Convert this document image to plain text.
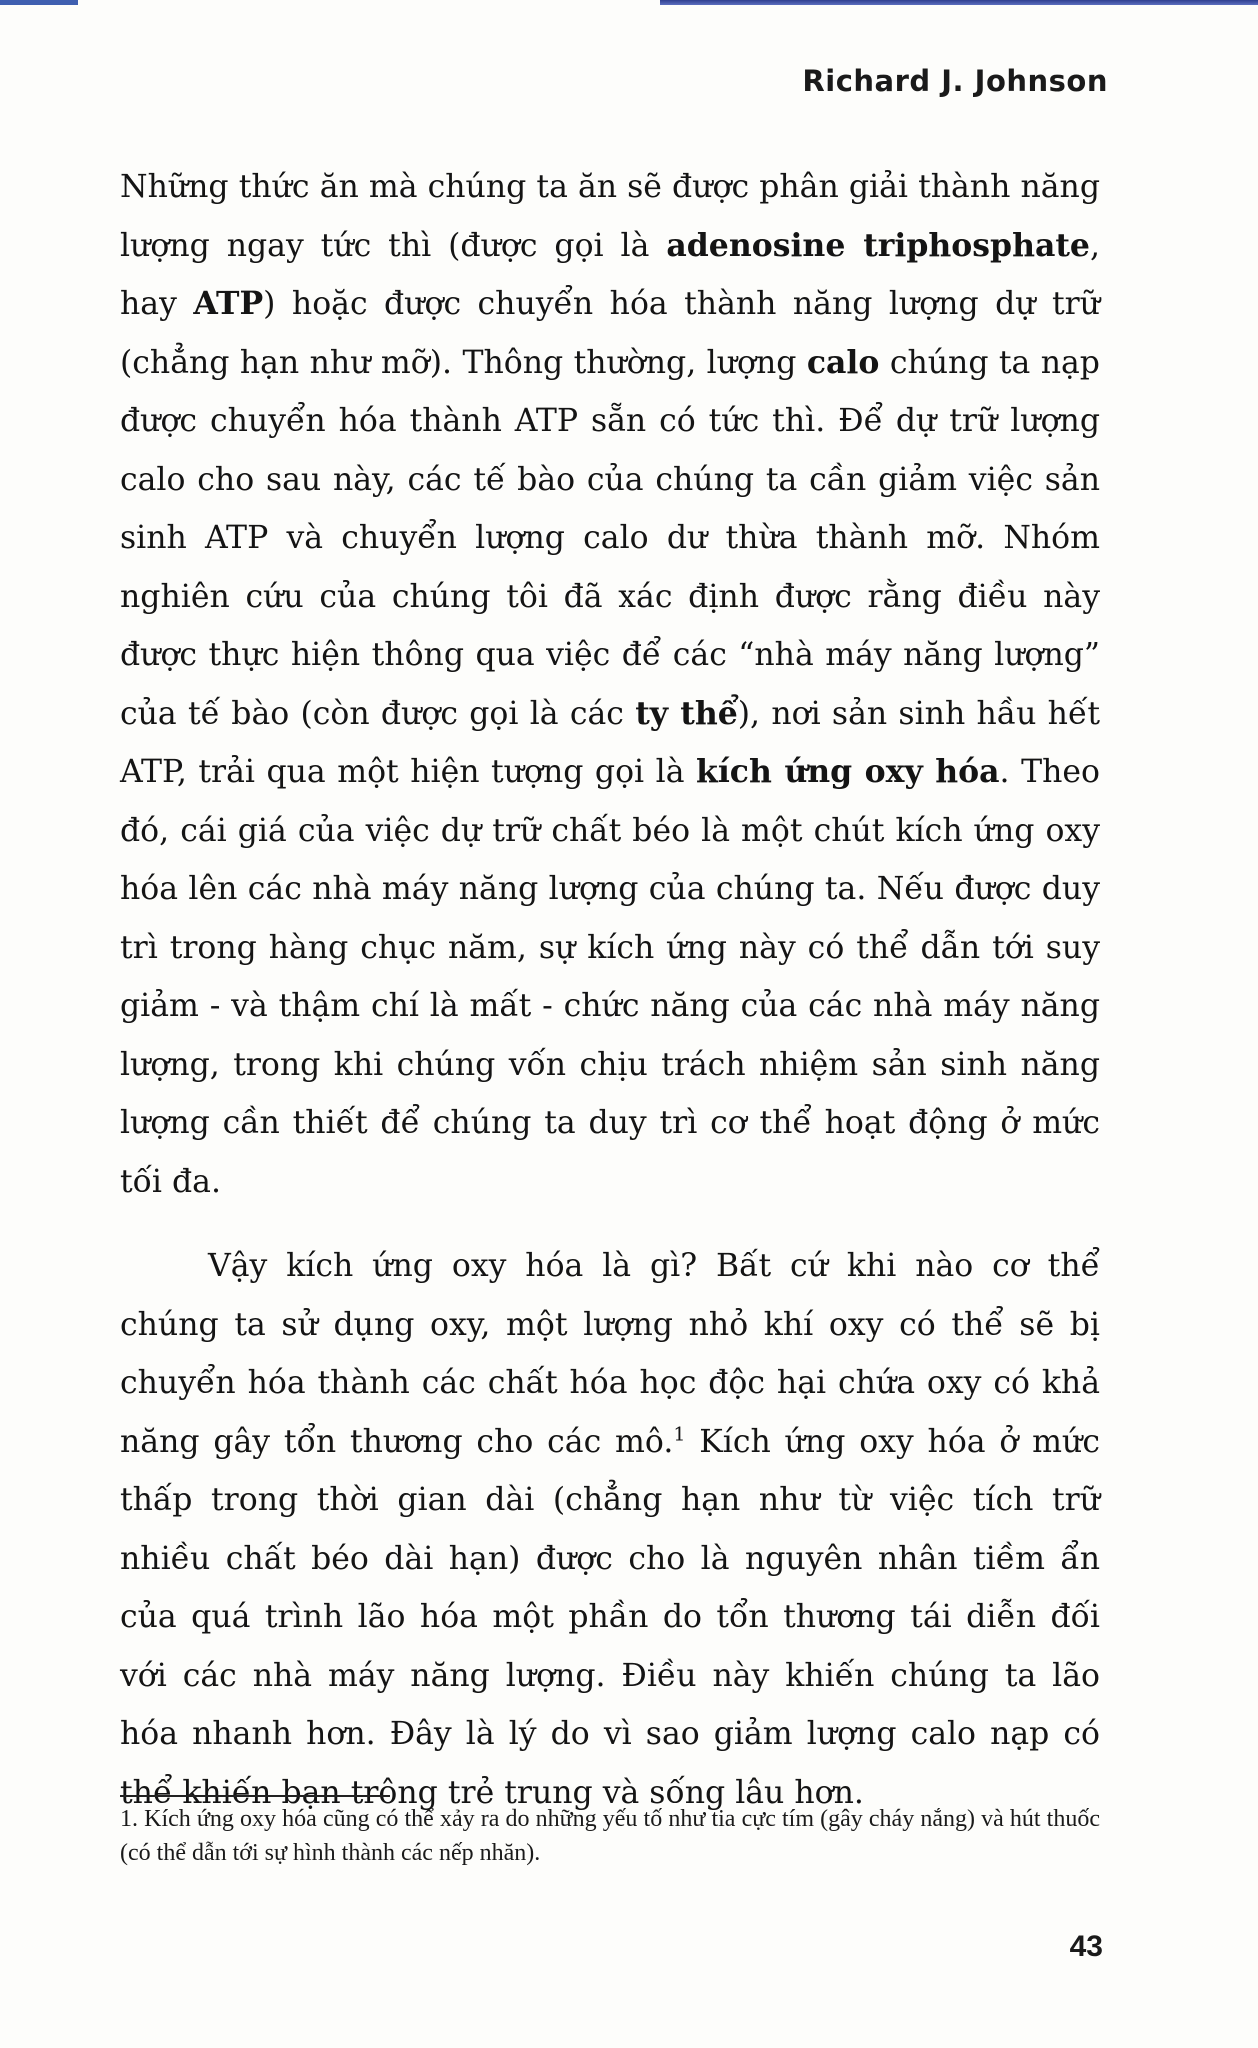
Richard J. Johnson

Những thức ăn mà chúng ta ăn sẽ được phân giải thành năng lượng ngay tức thì (được gọi là adenosine triphosphate, hay ATP) hoặc được chuyển hóa thành năng lượng dự trữ (chẳng hạn như mỡ). Thông thường, lượng calo chúng ta nạp được chuyển hóa thành ATP sẵn có tức thì. Để dự trữ lượng calo cho sau này, các tế bào của chúng ta cần giảm việc sản sinh ATP và chuyển lượng calo dư thừa thành mỡ. Nhóm nghiên cứu của chúng tôi đã xác định được rằng điều này được thực hiện thông qua việc để các “nhà máy năng lượng” của tế bào (còn được gọi là các ty thể), nơi sản sinh hầu hết ATP, trải qua một hiện tượng gọi là kích ứng oxy hóa. Theo đó, cái giá của việc dự trữ chất béo là một chút kích ứng oxy hóa lên các nhà máy năng lượng của chúng ta. Nếu được duy trì trong hàng chục năm, sự kích ứng này có thể dẫn tới suy giảm - và thậm chí là mất - chức năng của các nhà máy năng lượng, trong khi chúng vốn chịu trách nhiệm sản sinh năng lượng cần thiết để chúng ta duy trì cơ thể hoạt động ở mức tối đa.

Vậy kích ứng oxy hóa là gì? Bất cứ khi nào cơ thể chúng ta sử dụng oxy, một lượng nhỏ khí oxy có thể sẽ bị chuyển hóa thành các chất hóa học độc hại chứa oxy có khả năng gây tổn thương cho các mô.$^1$ Kích ứng oxy hóa ở mức thấp trong thời gian dài (chẳng hạn như từ việc tích trữ nhiều chất béo dài hạn) được cho là nguyên nhân tiềm ẩn của quá trình lão hóa một phần do tổn thương tái diễn đối với các nhà máy năng lượng. Điều này khiến chúng ta lão hóa nhanh hơn. Đây là lý do vì sao giảm lượng calo nạp có thể khiến bạn trông trẻ trung và sống lâu hơn.

1. Kích ứng oxy hóa cũng có thể xảy ra do những yếu tố như tia cực tím (gây cháy nắng) và hút thuốc (có thể dẫn tới sự hình thành các nếp nhăn).

43
